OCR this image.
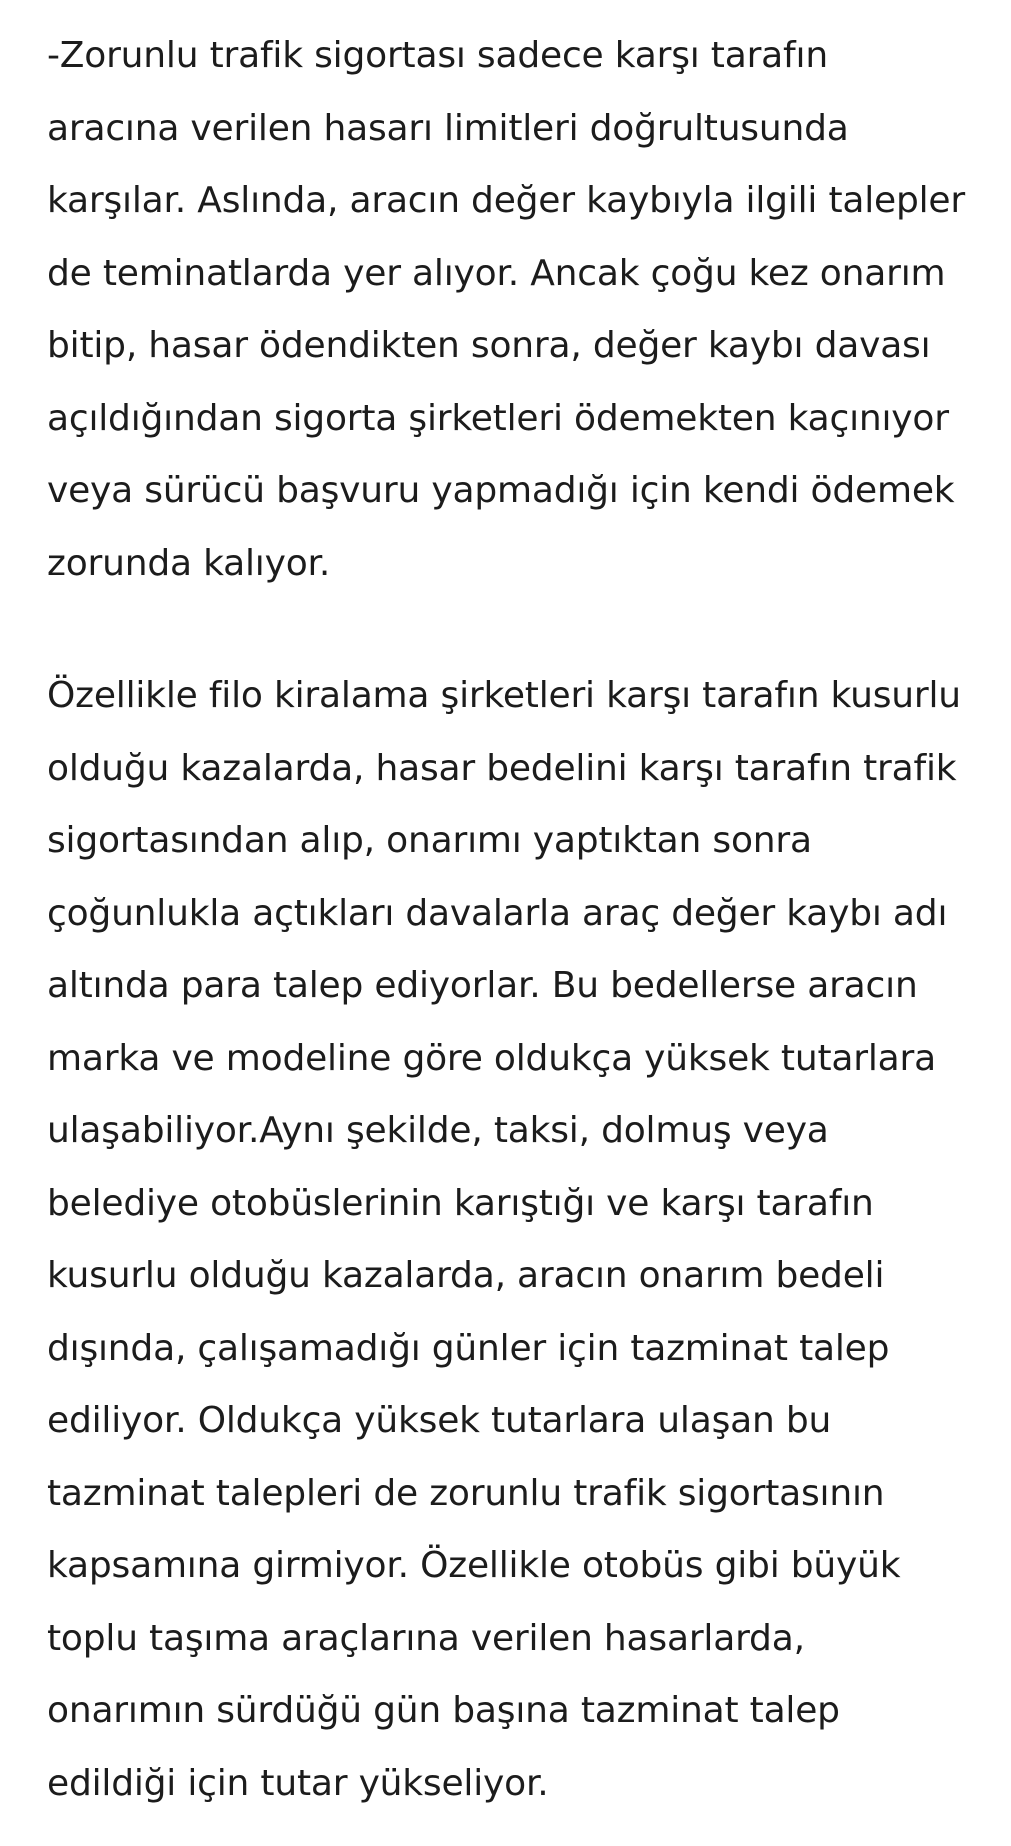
-Zorunlu trafik sigortası sadece karşı tarafın
aracına verilen hasarı limitleri doğrultusunda
karşılar. Aslında, aracın değer kaybıyla ilgili talepler
de teminatlarda yer alıyor. Ancak çoğu kez onarım
bitip, hasar ödendikten sonra, değer kaybı davası
açıldığından sigorta şirketleri ödemekten kaçınıyor
veya sürücü başvuru yapmadığı için kendi ödemek
zorunda kalıyor.

Özellikle filo kiralama şirketleri karşı tarafın kusurlu
olduğu kazalarda, hasar bedelini karşı tarafın trafik
sigortasından alıp, onarımı yaptıktan sonra
çoğunlukla açtıkları davalarla araç değer kaybı adı
altında para talep ediyorlar. Bu bedellerse aracın
marka ve modeline göre oldukça yüksek tutarlara
ulaşabiliyor.Aynı şekilde, taksi, dolmuş veya
belediye otobüslerinin karıştığı ve karşı tarafın
kusurlu olduğu kazalarda, aracın onarım bedeli
dışında, çalışamadığı günler için tazminat talep
ediliyor. Oldukça yüksek tutarlara ulaşan bu
tazminat talepleri de zorunlu trafik sigortasının
kapsamına girmiyor. Özellikle otobüs gibi büyük
toplu taşıma araçlarına verilen hasarlarda,
onarımın sürdüğü gün başına tazminat talep
edildiği için tutar yükseliyor.
